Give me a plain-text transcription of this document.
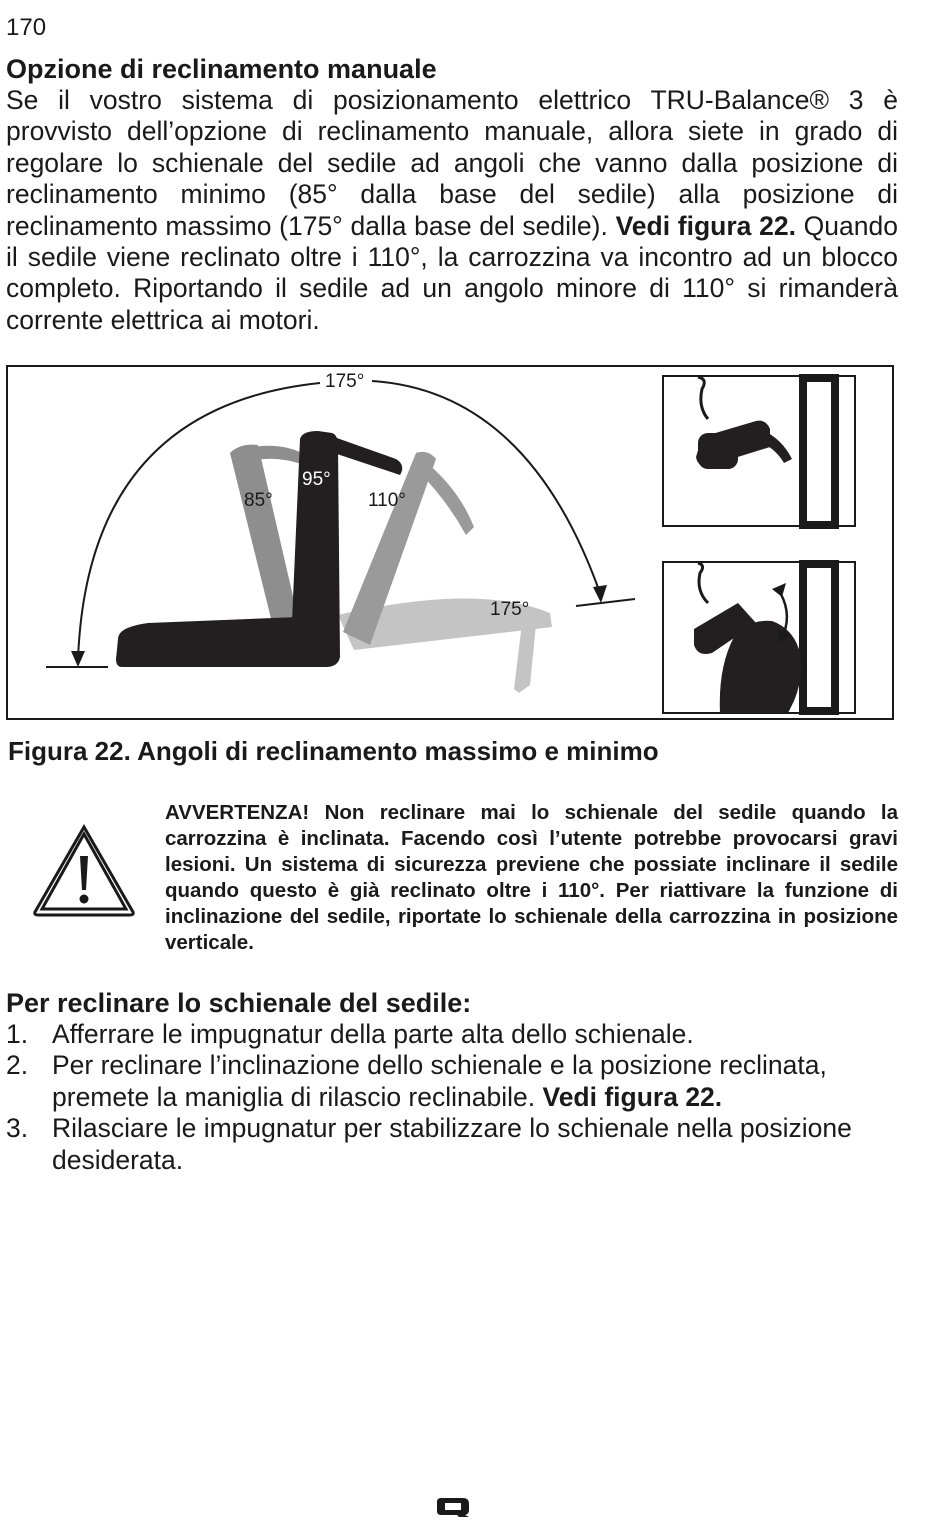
170
Opzione di reclinamento manuale

Se il vostro sistema di posizionamento elettrico TRU-Balance® 3 è provvisto dell’opzione di reclinamento manuale, allora siete in grado di regolare lo schienale del sedile ad angoli che vanno dalla posizione di reclinamento minimo (85° dalla base del sedile) alla posizione di reclinamento massimo (175° dalla base del sedile). Vedi figura 22. Quando il sedile viene reclinato oltre i 110°, la carrozzina va incontro ad un blocco completo. Riportando il sedile ad un angolo minore di 110° si rimanderà corrente elettrica ai motori.

175°
85°
95°
110°
175°
Figura 22. Angoli di reclinamento massimo e minimo
AVVERTENZA! Non reclinare mai lo schienale del sedile quando la carrozzina è inclinata. Facendo così l’utente potrebbe provocarsi gravi lesioni. Un sistema di sicurezza previene che possiate inclinare il sedile quando questo è già reclinato oltre i 110°. Per riattivare la funzione di inclinazione del sedile, riportate lo schienale della carrozzina in posizione verticale.
Per reclinare lo schienale del sedile:
1. Afferrare le impugnatur della parte alta dello schienale.
2. Per reclinare l’inclinazione dello schienale e la posizione reclinata, premete la maniglia di rilascio reclinabile. Vedi figura 22.
3. Rilasciare le impugnatur per stabilizzare lo schienale nella posizione desiderata.
